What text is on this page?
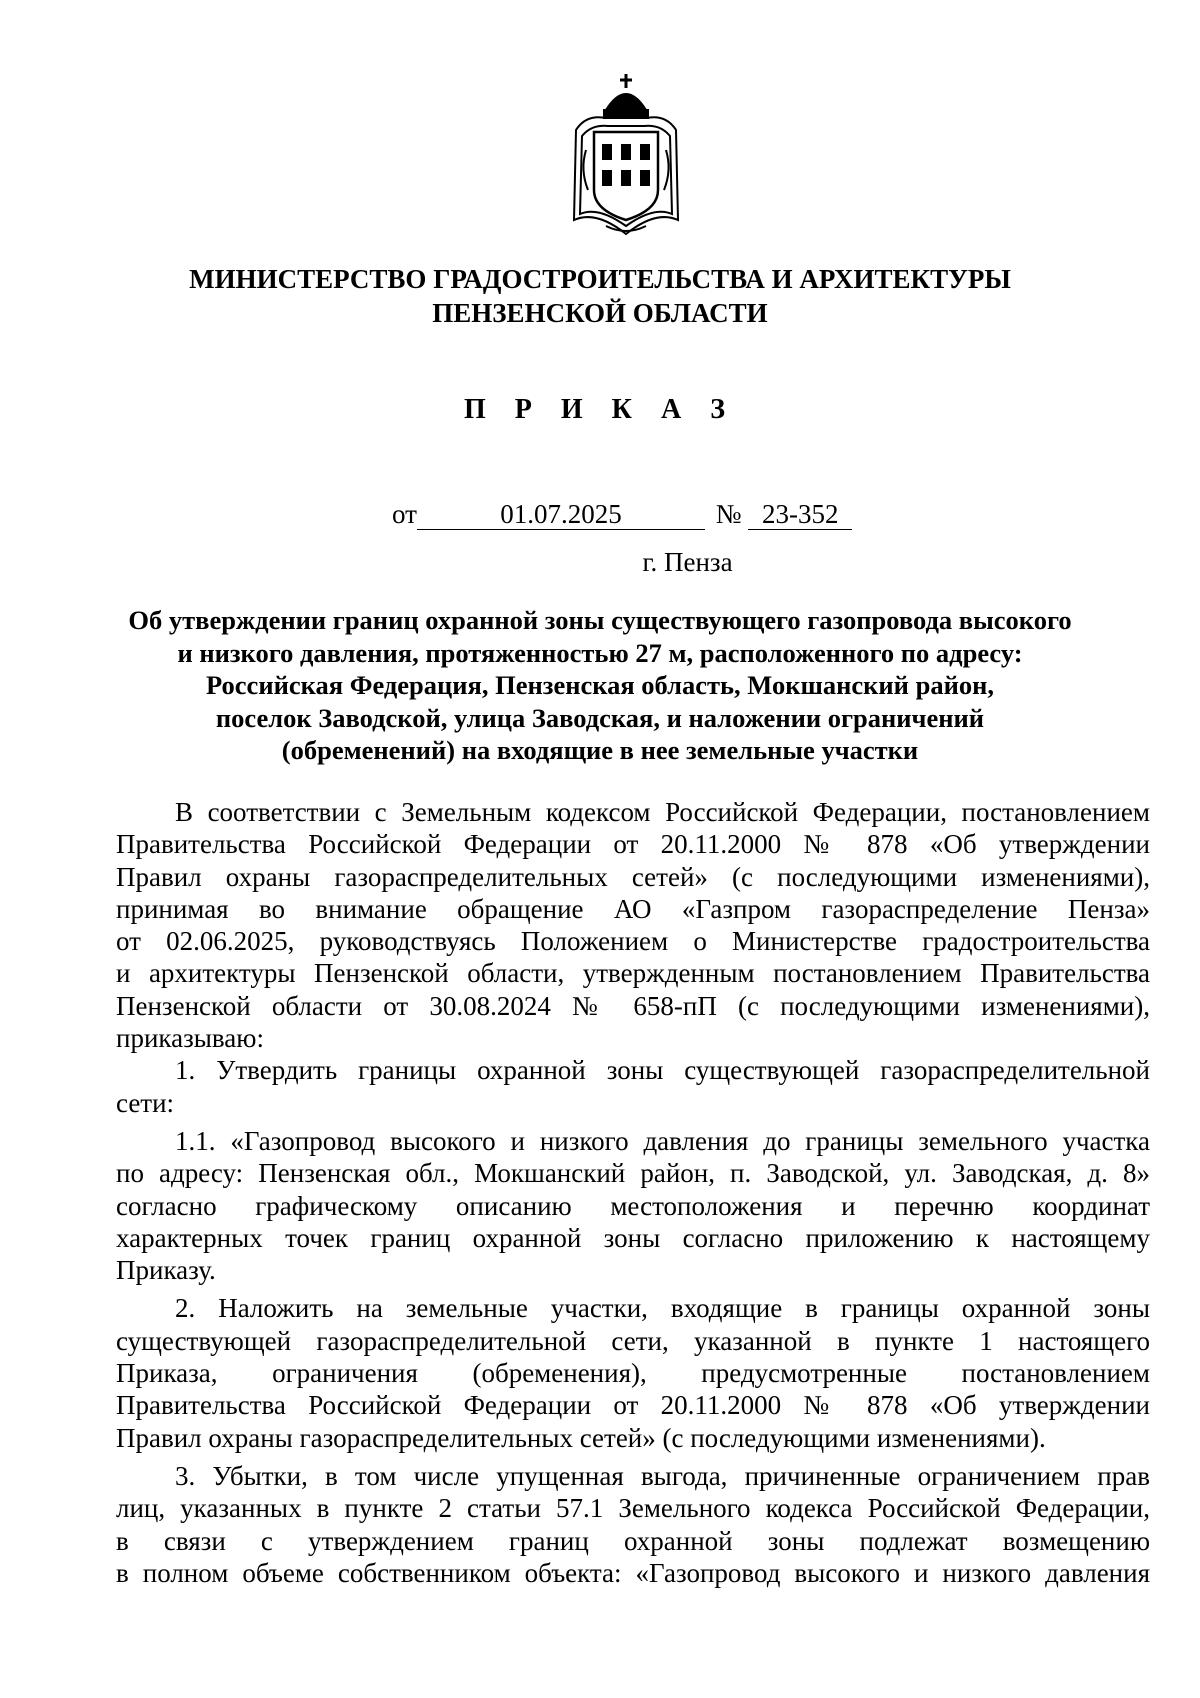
МИНИСТЕРСТВО ГРАДОСТРОИТЕЛЬСТВА И АРХИТЕКТУРЫ
ПЕНЗЕНСКОЙ ОБЛАСТИ
П Р И К А З
от	01.07.2025	№ 23-352
г. Пенза
Об утверждении границ охранной зоны существующего газопровода высокого
и низкого давления, протяженностью 27 м, расположенного по адресу:
Российская Федерация, Пензенская область, Мокшанский район,
поселок Заводской, улица Заводская, и наложении ограничений
(обременений) на входящие в нее земельные участки
В соответствии с Земельным кодексом Российской Федерации, постановлением
Правительства Российской Федерации от 20.11.2000 № 878 «Об утверждении
Правил охраны газораспределительных сетей» (с последующими изменениями),
принимая во внимание обращение АО «Газпром газораспределение Пенза»
от 02.06.2025, руководствуясь Положением о Министерстве градостроительства
и архитектуры Пензенской области, утвержденным постановлением Правительства
Пензенской области от 30.08.2024 № 658-пП (с последующими изменениями),
приказываю:
1. Утвердить границы охранной зоны существующей газораспределительной
сети:
1.1. «Газопровод высокого и низкого давления до границы земельного участка
по адресу: Пензенская обл., Мокшанский район, п. Заводской, ул. Заводская, д. 8»
согласно графическому описанию местоположения и перечню координат
характерных точек границ охранной зоны согласно приложению к настоящему
Приказу.
2. Наложить на земельные участки, входящие в границы охранной зоны
существующей газораспределительной сети, указанной в пункте 1 настоящего
Приказа, ограничения (обременения), предусмотренные постановлением
Правительства Российской Федерации от 20.11.2000 № 878 «Об утверждении
Правил охраны газораспределительных сетей» (с последующими изменениями).
3. Убытки, в том числе упущенная выгода, причиненные ограничением прав
лиц, указанных в пункте 2 статьи 57.1 Земельного кодекса Российской Федерации,
в связи с утверждением границ охранной зоны подлежат возмещению
в полном объеме собственником объекта: «Газопровод высокого и низкого давления
